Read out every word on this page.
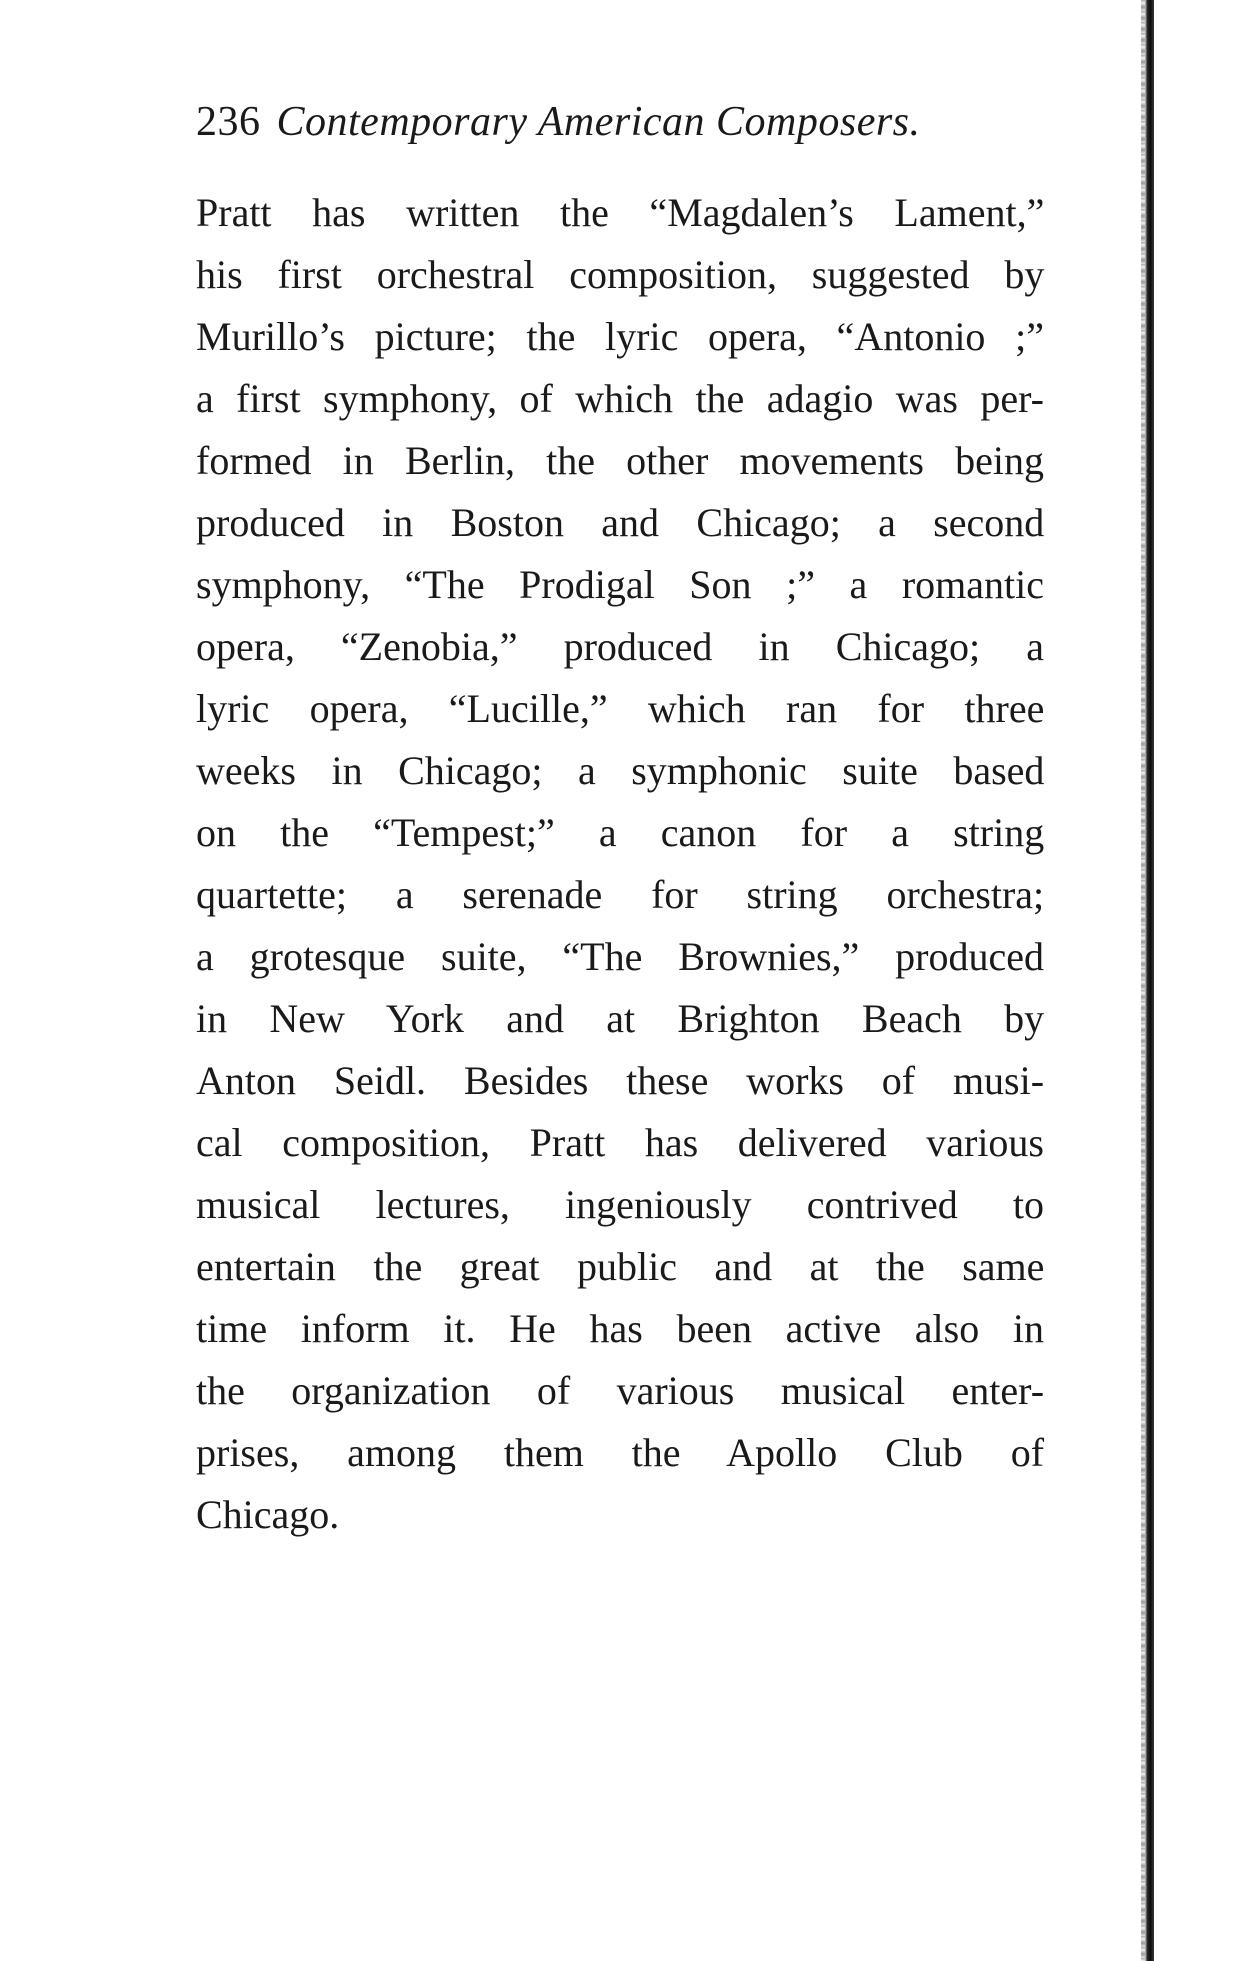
236 Contemporary American Composers.
Pratt has written the “Magdalen’s Lament,”
his first orchestral composition, suggested by
Murillo’s picture; the lyric opera, “Antonio ;”
a first symphony, of which the adagio was per-
formed in Berlin, the other movements being
produced in Boston and Chicago; a second
symphony, “The Prodigal Son ;” a romantic
opera, “Zenobia,” produced in Chicago; a
lyric opera, “Lucille,” which ran for three
weeks in Chicago; a symphonic suite based
on the “Tempest;” a canon for a string
quartette; a serenade for string orchestra;
a grotesque suite, “The Brownies,” produced
in New York and at Brighton Beach by
Anton Seidl. Besides these works of musi-
cal composition, Pratt has delivered various
musical lectures, ingeniously contrived to
entertain the great public and at the same
time inform it. He has been active also in
the organization of various musical enter-
prises, among them the Apollo Club of
Chicago.
